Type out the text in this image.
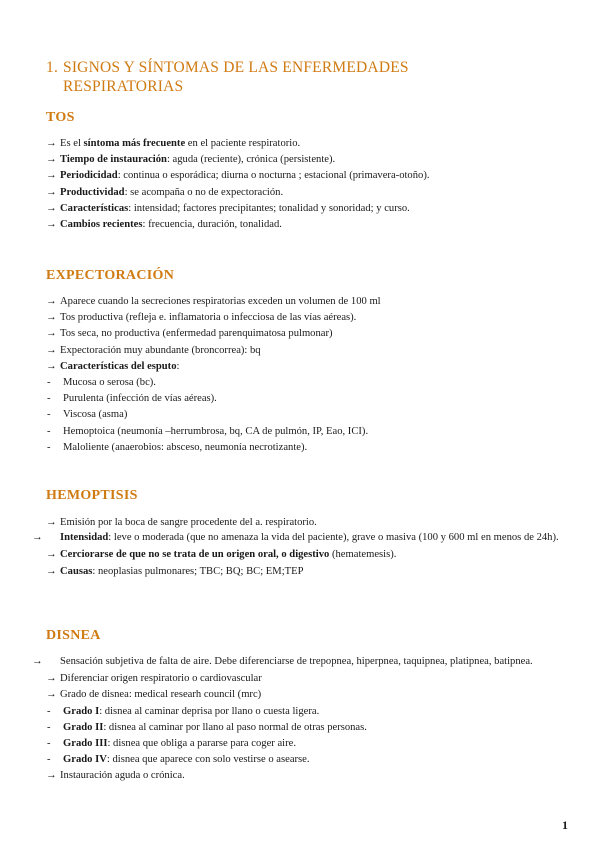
1. SIGNOS Y SÍNTOMAS DE LAS ENFERMEDADES
RESPIRATORIAS
TOS
→ Es el síntoma más frecuente en el paciente respiratorio.
→ Tiempo de instauración: aguda (reciente), crónica (persistente).
→ Periodicidad: continua o esporádica; diurna o nocturna ; estacional (primavera-otoño).
→ Productividad: se acompaña o no de expectoración.
→ Características: intensidad; factores precipitantes; tonalidad y sonoridad; y curso.
→ Cambios recientes: frecuencia, duración, tonalidad.
EXPECTORACIÓN
→ Aparece cuando la secreciones respiratorias exceden un volumen de 100 ml
→ Tos productiva (refleja e. inflamatoria o infecciosa de las vías aéreas).
→ Tos seca, no productiva (enfermedad parenquimatosa pulmonar)
→ Expectoración muy abundante (broncorrea): bq
→ Características del esputo:
- Mucosa o serosa (bc).
- Purulenta (infección de vías aéreas).
- Viscosa (asma)
- Hemoptoica (neumonía –herrumbrosa, bq, CA de pulmón, IP, Eao, ICI).
- Maloliente (anaerobios: absceso, neumonía necrotizante).
HEMOPTISIS
→ Emisión por la boca de sangre procedente del a. respiratorio.
→ Intensidad: leve o moderada (que no amenaza la vida del paciente), grave o masiva (100 y 600 ml en menos de 24h).
→ Cerciorarse de que no se trata de un origen oral, o digestivo (hematemesis).
→ Causas: neoplasias pulmonares; TBC; BQ; BC; EM;TEP
DISNEA
→ Sensación subjetiva de falta de aire. Debe diferenciarse de trepopnea, hiperpnea, taquipnea, platipnea, batipnea.
→ Diferenciar origen respiratorio o cardiovascular
→ Grado de disnea: medical researh council (mrc)
- Grado I: disnea al caminar deprisa por llano o cuesta ligera.
- Grado II: disnea al caminar por llano al paso normal de otras personas.
- Grado III: disnea que obliga a pararse para coger aire.
- Grado IV: disnea que aparece con solo vestirse o asearse.
→ Instauración aguda o crónica.
1
